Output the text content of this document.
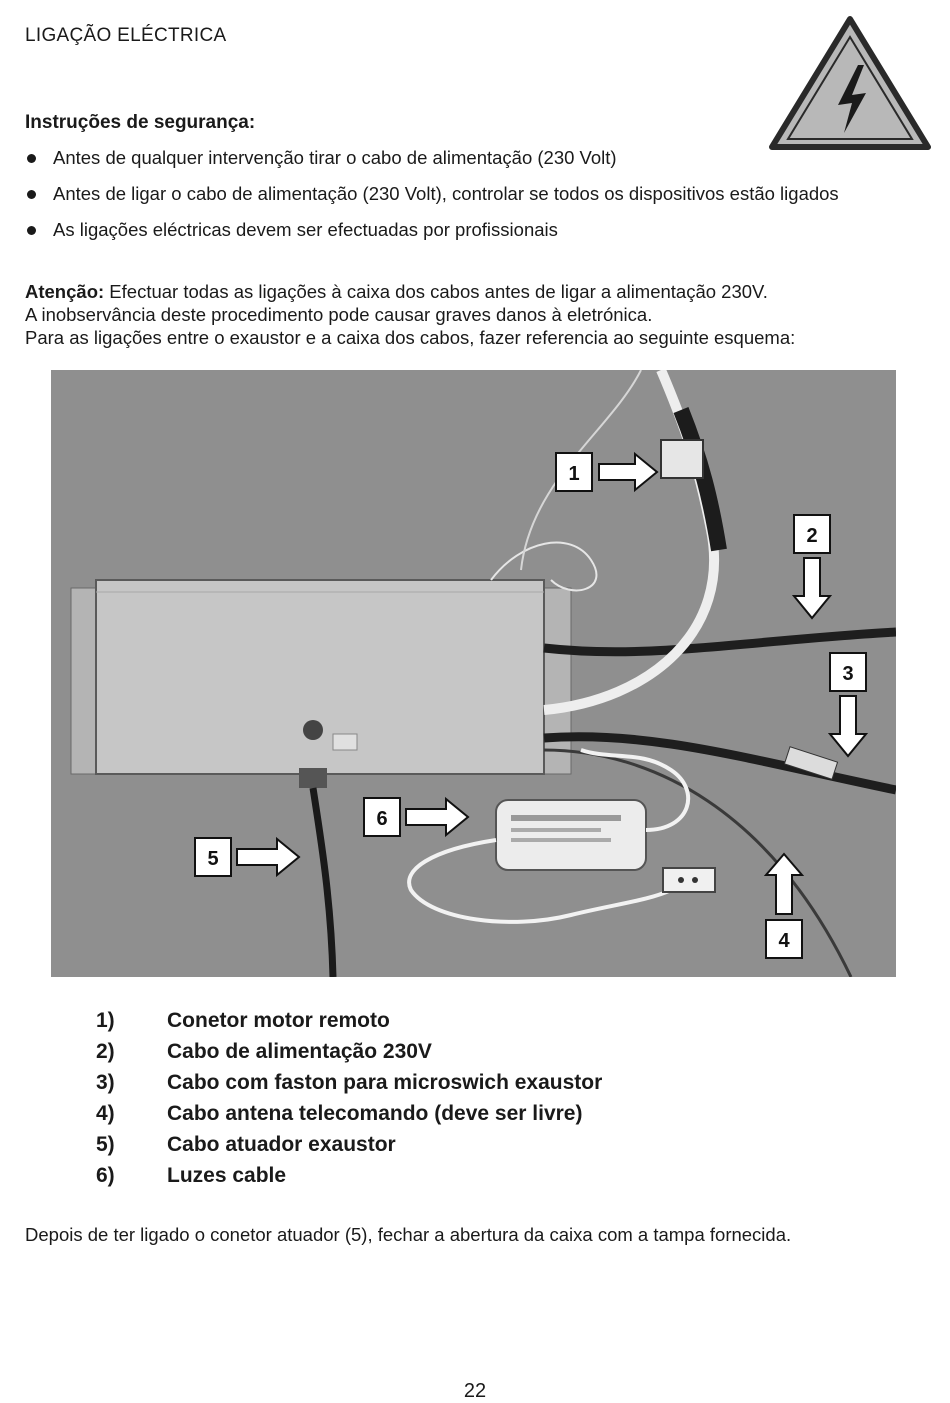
LIGAÇÃO ELÉCTRICA
Instruções de segurança:
Antes de qualquer intervenção tirar o cabo de alimentação (230 Volt)
Antes de ligar o cabo de alimentação (230 Volt), controlar se todos os dispositivos estão ligados
As ligações eléctricas devem ser efectuadas por profissionais
Atenção: Efectuar todas as ligações à caixa dos cabos antes de ligar a alimentação 230V.
A inobservância deste procedimento pode causar graves danos à eletrónica.
Para as ligações entre o exaustor e a caixa dos cabos, fazer referencia ao seguinte esquema:
1
2
3
4
5
6
1) Conetor motor remoto
2) Cabo de alimentação 230V
3) Cabo com faston para microswich exaustor
4) Cabo antena telecomando (deve ser livre)
5) Cabo atuador exaustor
6) Luzes cable
Depois de ter ligado o conetor atuador (5), fechar a abertura da caixa com a tampa fornecida.
22
